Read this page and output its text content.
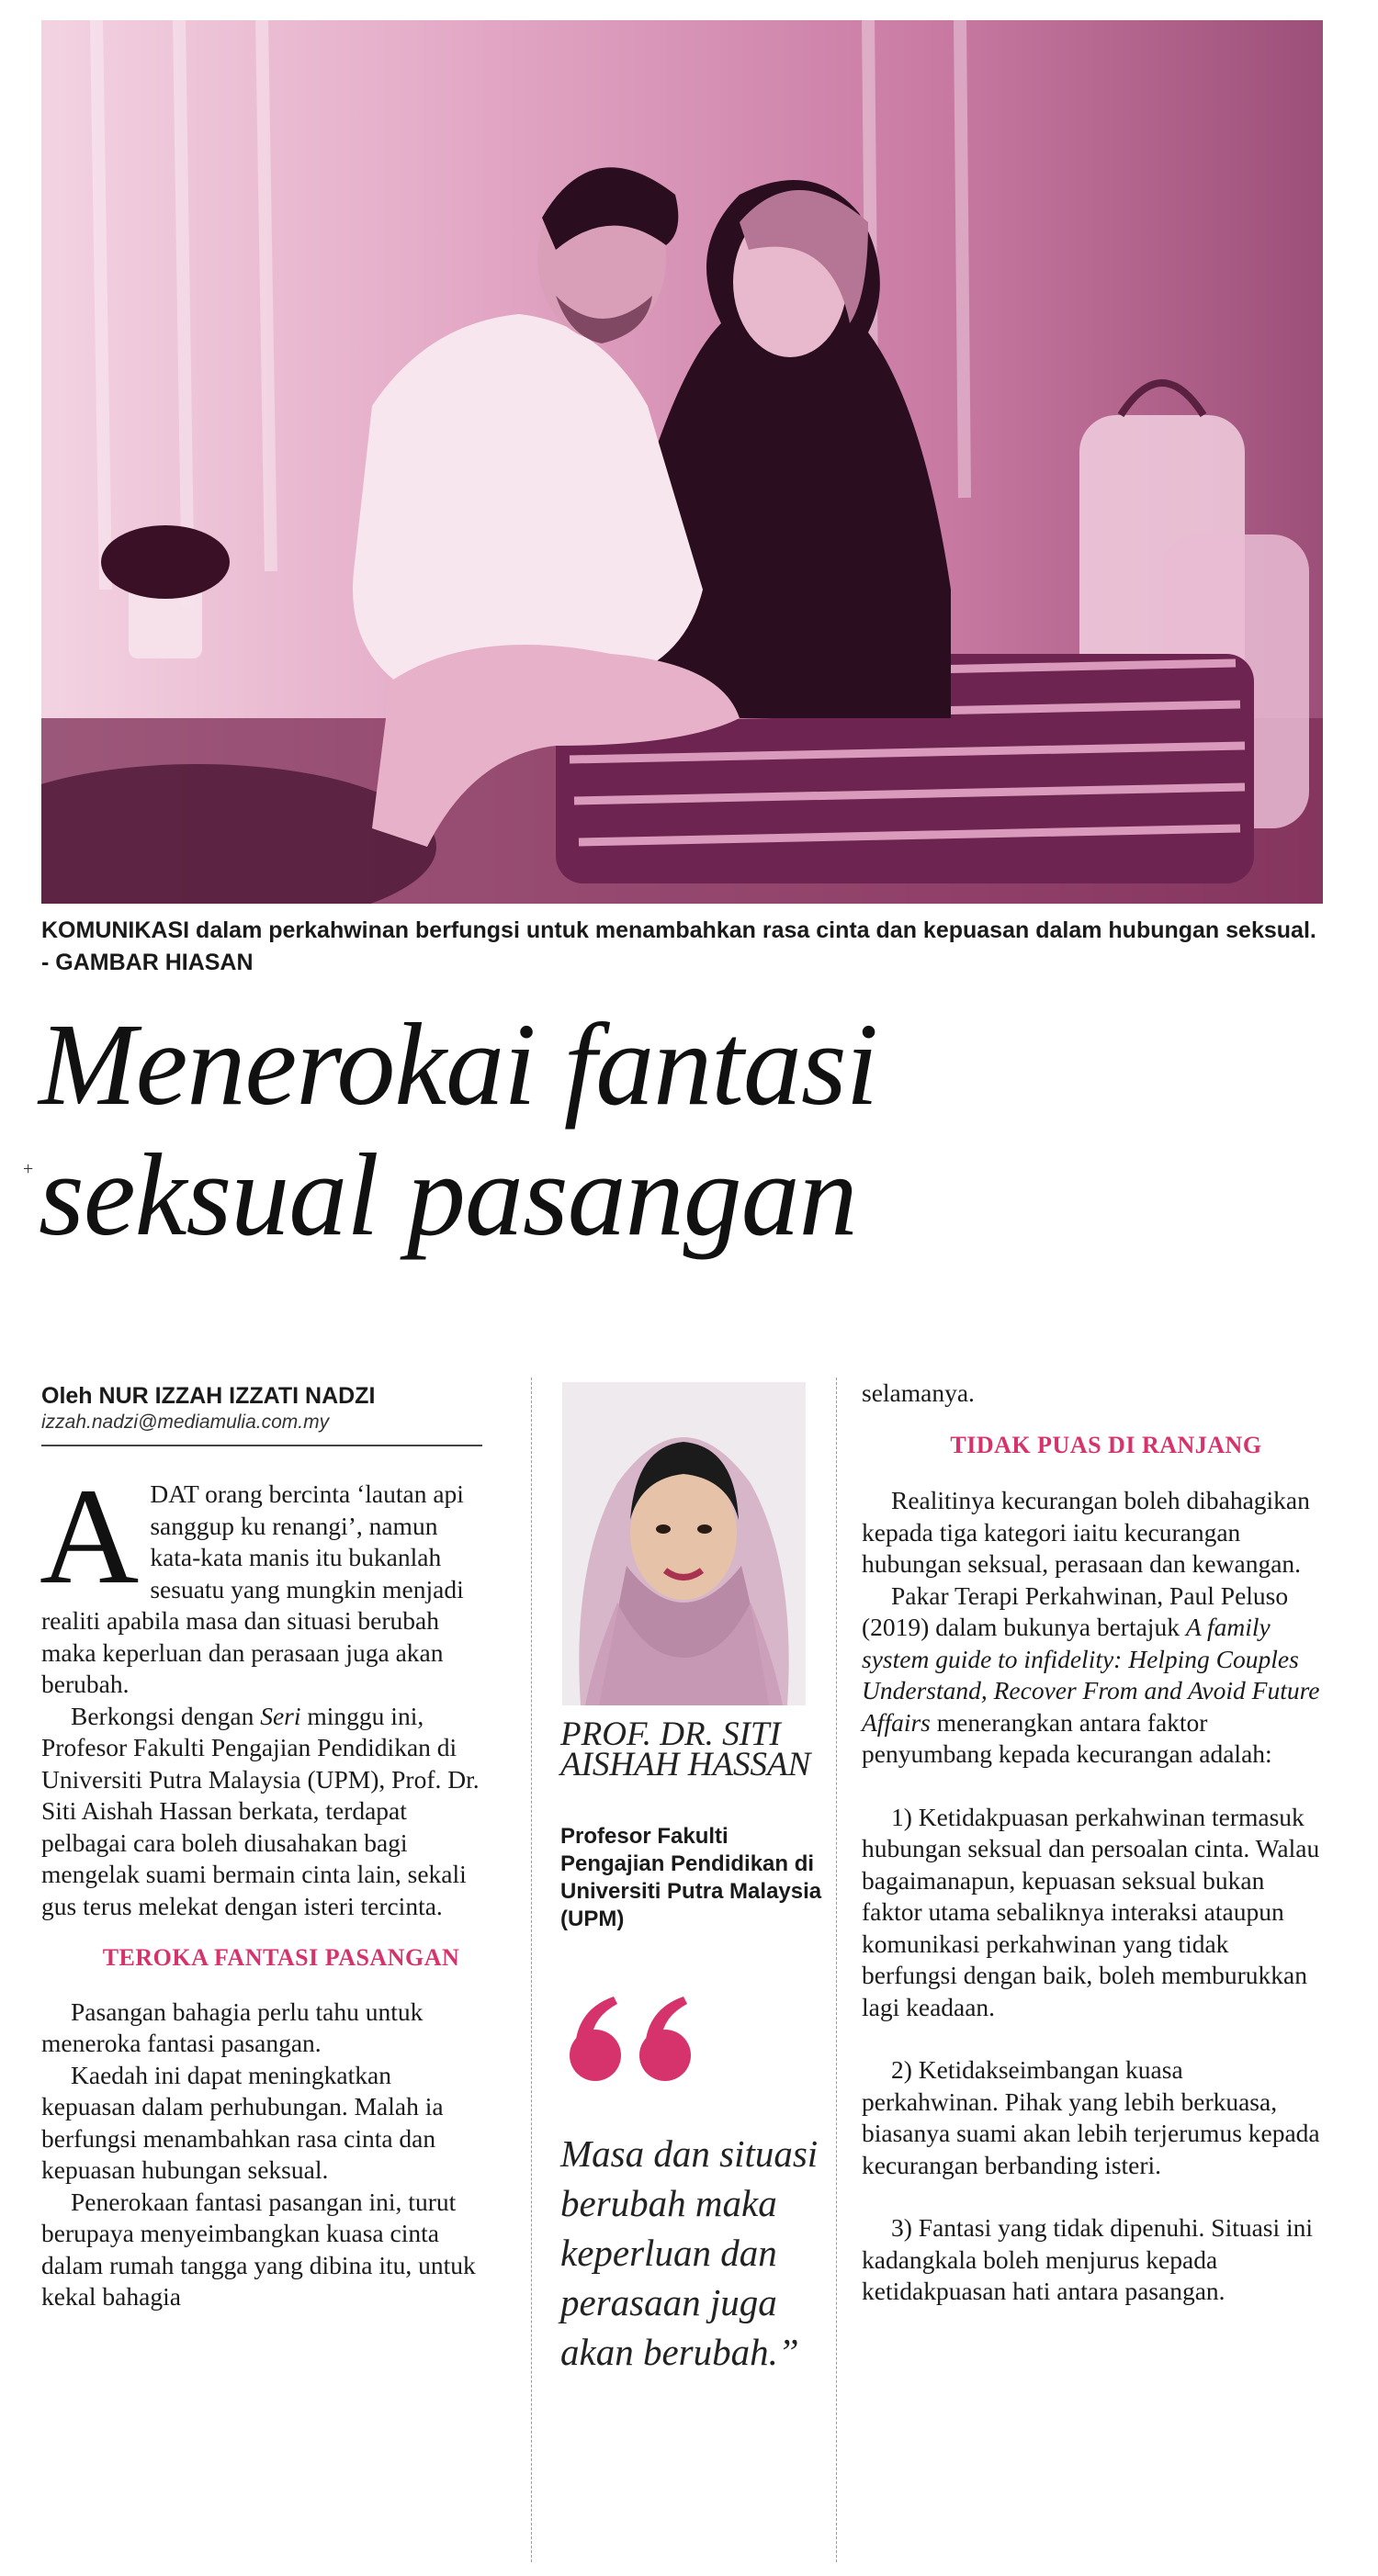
KOMUNIKASI dalam perkahwinan berfungsi untuk menambahkan rasa cinta dan kepuasan dalam hubungan seksual. - GAMBAR HIASAN
+
Menerokai fantasi
seksual pasangan
Oleh NUR IZZAH IZZATI NADZI
izzah.nadzi@mediamulia.com.my

ADAT orang bercinta ‘lautan api sanggup ku renangi’, namun kata-kata manis itu bukanlah sesuatu yang mungkin menjadi realiti apabila masa dan situasi berubah maka keperluan dan perasaan juga akan berubah.

Berkongsi dengan Seri minggu ini, Profesor Fakulti Pengajian Pendidikan di Universiti Putra Malaysia (UPM), Prof. Dr. Siti Aishah Hassan berkata, terdapat pelbagai cara boleh diusahakan bagi mengelak suami bermain cinta lain, sekali gus terus melekat dengan isteri tercinta.

TEROKA FANTASI PASANGAN

Pasangan bahagia perlu tahu untuk meneroka fantasi pasangan.

Kaedah ini dapat meningkatkan kepuasan dalam perhubungan. Malah ia berfungsi menambahkan rasa cinta dan kepuasan hubungan seksual.

Penerokaan fantasi pasangan ini, turut berupaya menyeimbangkan kuasa cinta dalam rumah tangga yang dibina itu, untuk kekal bahagia

PROF. DR. SITI AISHAH HASSAN
Profesor Fakulti Pengajian Pendidikan di Universiti Putra Malaysia (UPM)
Masa dan situasi berubah maka keperluan dan perasaan juga akan berubah.”

selamanya.

TIDAK PUAS DI RANJANG

Realitinya kecurangan boleh dibahagikan kepada tiga kategori iaitu kecurangan hubungan seksual, perasaan dan kewangan.

Pakar Terapi Perkahwinan, Paul Peluso (2019) dalam bukunya bertajuk A family system guide to infidelity: Helping Couples Understand, Recover From and Avoid Future Affairs menerangkan antara faktor penyumbang kepada kecurangan adalah:

1) Ketidakpuasan perkahwinan termasuk hubungan seksual dan persoalan cinta. Walau bagaimanapun, kepuasan seksual bukan faktor utama sebaliknya interaksi ataupun komunikasi perkahwinan yang tidak berfungsi dengan baik, boleh memburukkan lagi keadaan.

2) Ketidakseimbangan kuasa perkahwinan. Pihak yang lebih berkuasa, biasanya suami akan lebih terjerumus kepada kecurangan berbanding isteri.

3) Fantasi yang tidak dipenuhi. Situasi ini kadangkala boleh menjurus kepada ketidakpuasan hati antara pasangan.
